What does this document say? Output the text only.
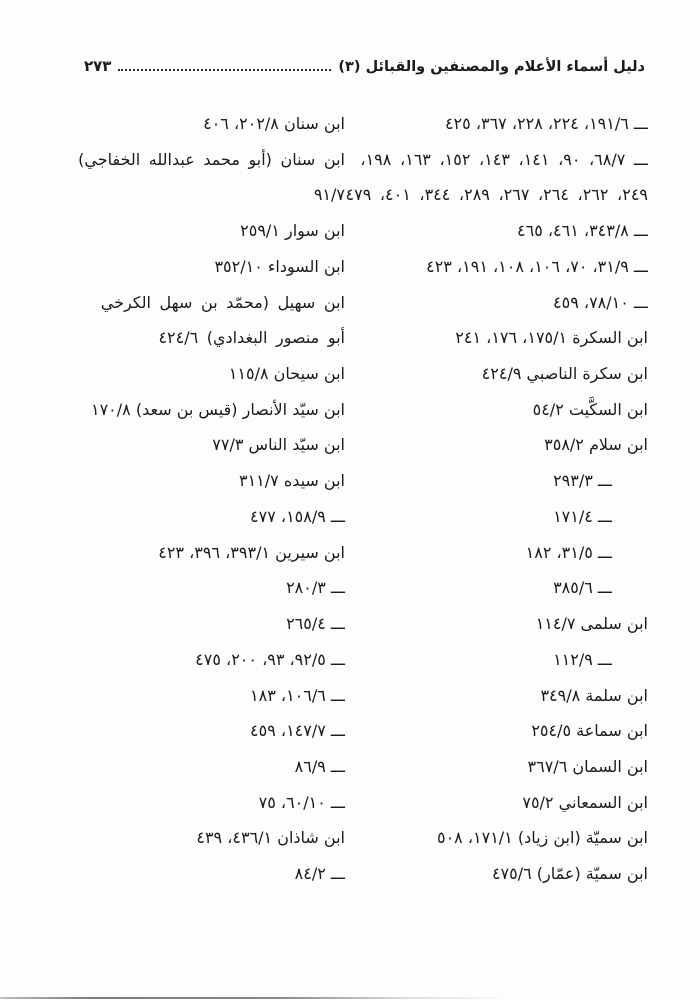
دليل أسماء الأعلام والمصنفين والقبائل (٣)
٢٧٣
ـــ ١٩١/٦، ٢٢٤، ٢٢٨، ٣٦٧، ٤٢٥
ـــ ٦٨/٧، ٩٠، ١٤١، ١٤٣، ١٥٢، ١٦٣، ١٩٨،
٢٤٩، ٢٦٢، ٢٦٤، ٢٦٧، ٢٨٩، ٣٤٤، ٤٠١، ٤٧٩
ـــ ٣٤٣/٨، ٤٦١، ٤٦٥
ـــ ٣١/٩، ٧٠، ١٠٦، ١٠٨، ١٩١، ٤٢٣
ـــ ٧٨/١٠، ٤٥٩
ابن السكرة ١٧٥/١، ١٧٦، ٢٤١
ابن سكرة الناصبي ٤٢٤/٩
ابن السكَّيت ٥٤/٢
ابن سلام ٣٥٨/٢
ـــ ٢٩٣/٣
ـــ ١٧١/٤
ـــ ٣١/٥، ١٨٢
ـــ ٣٨٥/٦
ابن سلمى ١١٤/٧
ـــ ١١٢/٩
ابن سلمة ٣٤٩/٨
ابن سماعة ٢٥٤/٥
ابن السمان ٣٦٧/٦
ابن السمعاني ٧٥/٢
ابن سميّة (ابن زياد) ١٧١/١، ٥٠٨
ابن سميّة (عمّار) ٤٧٥/٦
ابن سنان ٢٠٢/٨، ٤٠٦
ابن سنان (أبو محمد عبدالله الخفاجي)
٩١/٧
ابن سوار ٢٥٩/١
ابن السوداء ٣٥٢/١٠
ابن سهيل (محمّد بن سهل الكرخي
أبو منصور البغدادي) ٤٢٤/٦
ابن سيحان ١١٥/٨
ابن سيّد الأنصار (قيس بن سعد) ١٧٠/٨
ابن سيّد الناس ٧٧/٣
ابن سيده ٣١١/٧
ـــ ١٥٨/٩، ٤٧٧
ابن سيرين ٣٩٣/١، ٣٩٦، ٤٢٣
ـــ ٢٨٠/٣
ـــ ٢٦٥/٤
ـــ ٩٢/٥، ٩٣، ٢٠٠، ٤٧٥
ـــ ١٠٦/٦، ١٨٣
ـــ ١٤٧/٧، ٤٥٩
ـــ ٨٦/٩
ـــ ٦٠/١٠، ٧٥
ابن شاذان ٤٣٦/١، ٤٣٩
ـــ ٨٤/٢
